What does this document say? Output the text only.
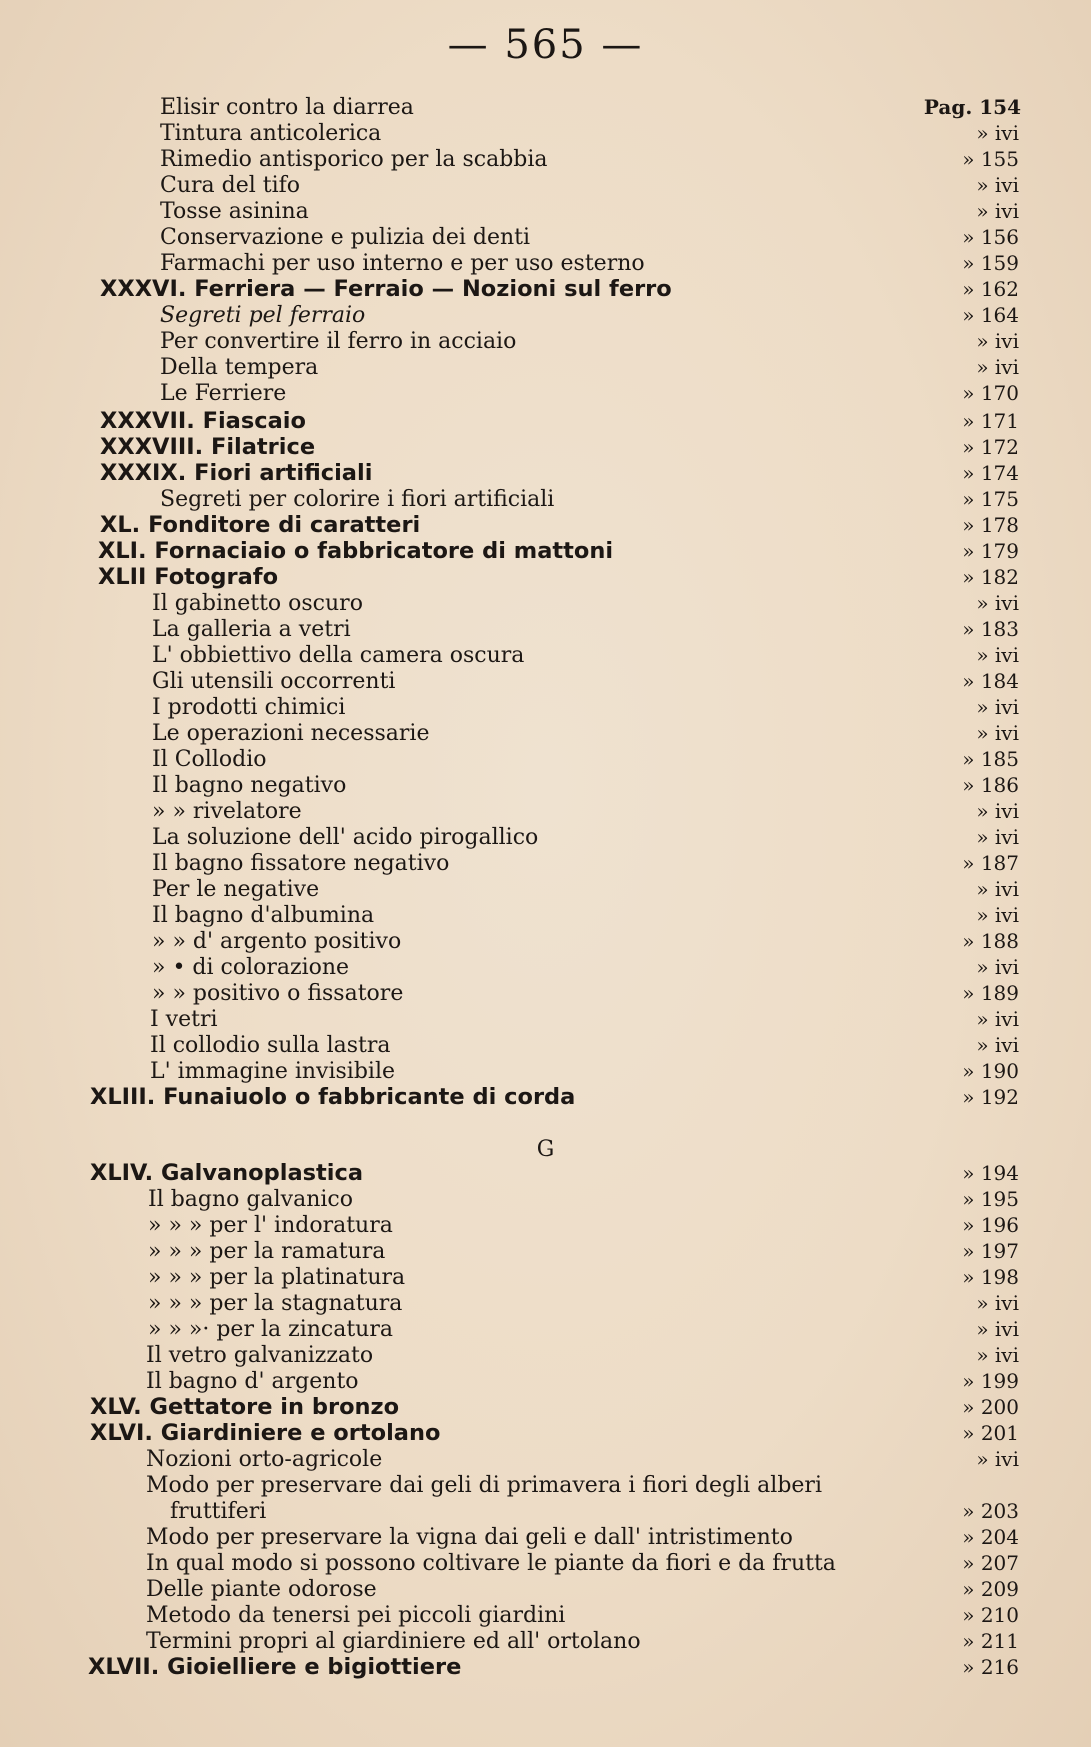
— 565 —
G
Elisir contro la diarrea	Pag. 154
Tintura anticolerica	» ivi
Rimedio antisporico per la scabbia	» 155
Cura del tifo	» ivi
Tosse asinina	» ivi
Conservazione e pulizia dei denti	» 156
Farmachi per uso interno e per uso esterno	» 159
XXXVI. Ferriera — Ferraio — Nozioni sul ferro	» 162
Segreti pel ferraio	» 164
Per convertire il ferro in acciaio	» ivi
Della tempera	» ivi
Le Ferriere	» 170
XXXVII. Fiascaio	» 171
XXXVIII. Filatrice	» 172
XXXIX. Fiori artificiali	» 174
Segreti per colorire i fiori artificiali	» 175
XL. Fonditore di caratteri	» 178
XLI. Fornaciaio o fabbricatore di mattoni	» 179
XLII Fotografo	» 182
Il gabinetto oscuro	» ivi
La galleria a vetri	» 183
L' obbiettivo della camera oscura	» ivi
Gli utensili occorrenti	» 184
I prodotti chimici	» ivi
Le operazioni necessarie	» ivi
Il Collodio	» 185
Il bagno negativo	» 186
» » rivelatore	» ivi
La soluzione dell' acido pirogallico	» ivi
Il bagno fissatore negativo	» 187
Per le negative	» ivi
Il bagno d'albumina	» ivi
» » d' argento positivo	» 188
» • di colorazione	» ivi
» » positivo o fissatore	» 189
I vetri	» ivi
Il collodio sulla lastra	» ivi
L' immagine invisibile	» 190
XLIII. Funaiuolo o fabbricante di corda	» 192
XLIV. Galvanoplastica	» 194
Il bagno galvanico	» 195
» » » per l' indoratura	» 196
» » » per la ramatura	» 197
» » » per la platinatura	» 198
» » » per la stagnatura	» ivi
» » »· per la zincatura	» ivi
Il vetro galvanizzato	» ivi
Il bagno d' argento	» 199
XLV. Gettatore in bronzo	» 200
XLVI. Giardiniere e ortolano	» 201
Nozioni orto-agricole	» ivi
Modo per preservare dai geli di primavera i fiori degli alberi
fruttiferi	» 203
Modo per preservare la vigna dai geli e dall' intristimento	» 204
In qual modo si possono coltivare le piante da fiori e da frutta	» 207
Delle piante odorose	» 209
Metodo da tenersi pei piccoli giardini	» 210
Termini propri al giardiniere ed all' ortolano	» 211
XLVII. Gioielliere e bigiottiere	» 216
